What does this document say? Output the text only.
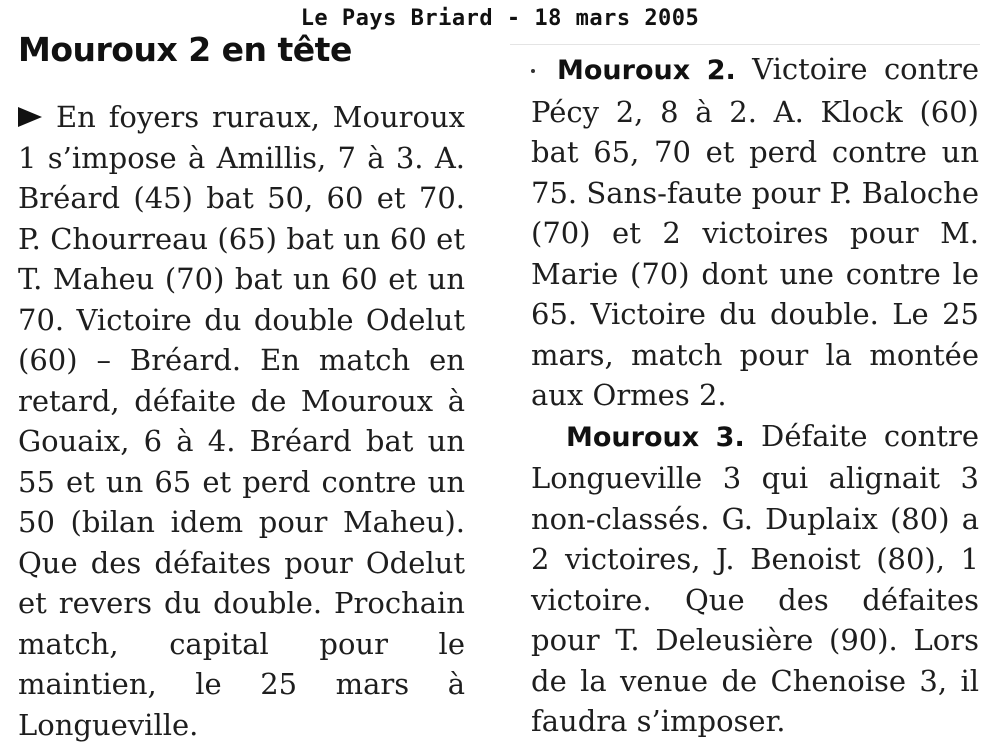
Le Pays Briard - 18 mars 2005
Mouroux 2 en tête

En foyers ruraux, Mouroux 1 s’impose à Amillis, 7 à 3. A. Bréard (45) bat 50, 60 et 70. P. Chourreau (65) bat un 60 et T. Maheu (70) bat un 60 et un 70. Victoire du double Odelut (60) – Bréard. En match en retard, défaite de Mouroux à Gouaix, 6 à 4. Bréard bat un 55 et un 65 et perd contre un 50 (bilan idem pour Maheu). Que des défaites pour Odelut et revers du double. Prochain match, capital pour le maintien, le 25 mars à Longueville.

Mouroux 2. Victoire contre Pécy 2, 8 à 2. A. Klock (60) bat 65, 70 et perd contre un 75. Sans-faute pour P. Baloche (70) et 2 victoires pour M. Marie (70) dont une contre le 65. Victoire du double. Le 25 mars, match pour la montée aux Ormes 2.

Mouroux 3. Défaite contre Longueville 3 qui alignait 3 non-classés. G. Duplaix (80) a 2 victoires, J. Benoist (80), 1 victoire. Que des défaites pour T. Deleusière (90). Lors de la venue de Chenoise 3, il faudra s’imposer.
